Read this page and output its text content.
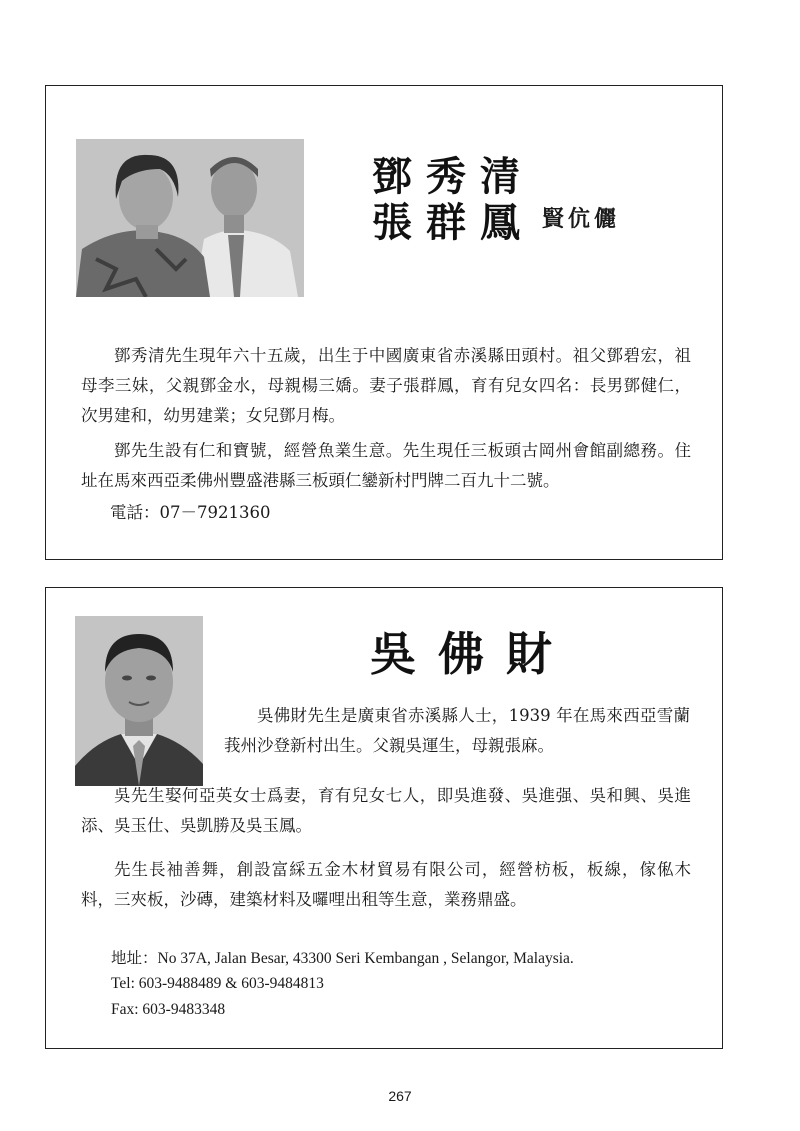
鄧秀清
張群鳳 賢伉儷

鄧秀清先生現年六十五歲，出生于中國廣東省赤溪縣田頭村。祖父鄧碧宏，祖母李三妹，父親鄧金水，母親楊三嬌。妻子張群鳳，育有兒女四名：長男鄧健仁，次男建和，幼男建業；女兒鄧月梅。

鄧先生設有仁和寶號，經營魚業生意。先生現任三板頭古岡州會館副總務。住址在馬來西亞柔佛州豐盛港縣三板頭仁鑾新村門牌二百九十二號。

電話：07－7921360
吳佛財

吳佛財先生是廣東省赤溪縣人士，1939 年在馬來西亞雪蘭莪州沙登新村出生。父親吳運生，母親張麻。

吳先生娶何亞英女士爲妻，育有兒女七人，即吳進發、吳進强、吳和興、吳進添、吳玉仕、吳凱勝及吳玉鳳。

先生長袖善舞，創設富綵五金木材貿易有限公司，經營枋板，板線，傢俬木料，三夾板，沙磚，建築材料及囉哩出租等生意，業務鼎盛。

地址：No 37A, Jalan Besar, 43300 Seri Kembangan , Selangor, Malaysia.
Tel: 603-9488489 & 603-9484813
Fax: 603-9483348
267
